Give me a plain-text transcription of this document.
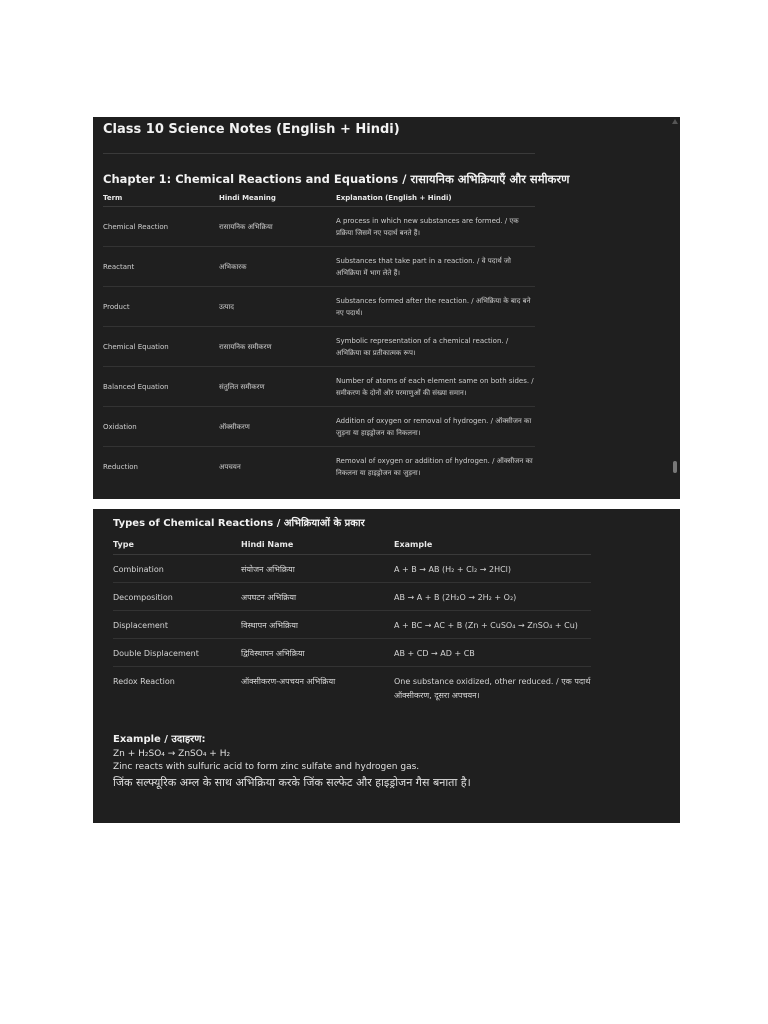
Class 10 Science Notes (English + Hindi)
Chapter 1: Chemical Reactions and Equations / रासायनिक अभिक्रियाएँ और समीकरण
Term	Hindi Meaning	Explanation (English + Hindi)
Chemical Reaction	रासायनिक अभिक्रिया	A process in which new substances are formed. / एक प्रक्रिया जिसमें नए पदार्थ बनते हैं।
Reactant	अभिकारक	Substances that take part in a reaction. / वे पदार्थ जो अभिक्रिया में भाग लेते हैं।
Product	उत्पाद	Substances formed after the reaction. / अभिक्रिया के बाद बने नए पदार्थ।
Chemical Equation	रासायनिक समीकरण	Symbolic representation of a chemical reaction. / अभिक्रिया का प्रतीकात्मक रूप।
Balanced Equation	संतुलित समीकरण	Number of atoms of each element same on both sides. / समीकरण के दोनों ओर परमाणुओं की संख्या समान।
Oxidation	ऑक्सीकरण	Addition of oxygen or removal of hydrogen. / ऑक्सीजन का जुड़ना या हाइड्रोजन का निकलना।
Reduction	अपचयन	Removal of oxygen or addition of hydrogen. / ऑक्सीजन का निकलना या हाइड्रोजन का जुड़ना।
Types of Chemical Reactions / अभिक्रियाओं के प्रकार
Type	Hindi Name	Example
Combination	संयोजन अभिक्रिया	A + B → AB (H₂ + Cl₂ → 2HCl)
Decomposition	अपघटन अभिक्रिया	AB → A + B (2H₂O → 2H₂ + O₂)
Displacement	विस्थापन अभिक्रिया	A + BC → AC + B (Zn + CuSO₄ → ZnSO₄ + Cu)
Double Displacement	द्विविस्थापन अभिक्रिया	AB + CD → AD + CB
Redox Reaction	ऑक्सीकरण-अपचयन अभिक्रिया	One substance oxidized, other reduced. / एक पदार्थ ऑक्सीकरण, दूसरा अपचयन।

Example / उदाहरण:

Zn + H₂SO₄ → ZnSO₄ + H₂

Zinc reacts with sulfuric acid to form zinc sulfate and hydrogen gas.

जिंक सल्फ्यूरिक अम्ल के साथ अभिक्रिया करके जिंक सल्फेट और हाइड्रोजन गैस बनाता है।
